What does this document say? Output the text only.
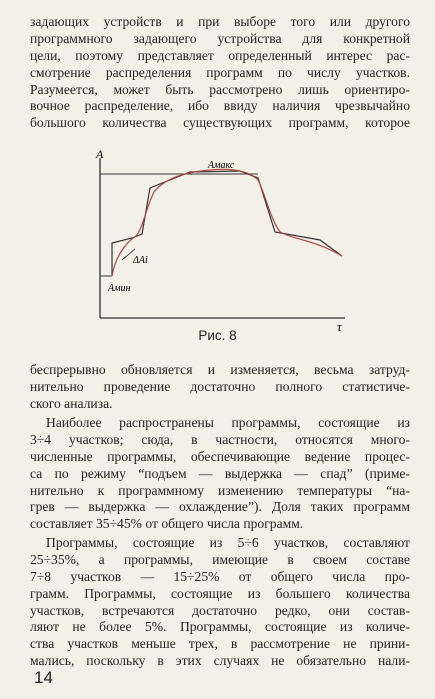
задающих устройств и при выборе того или другого
программного задающего устройства для конкретной
цели, поэтому представляет определенный интерес рас-
смотрение распределения программ по числу участков.
Разумеется, может быть рассмотрено лишь ориентиро-
вочное распределение, ибо ввиду наличия чрезвычайно
большого количества существующих программ, которое
A
τ
Aмакс
Aмин
ΔAi
Рис. 8
беспрерывно обновляется и изменяется, весьма затруд-
нительно проведение достаточно полного статистиче-
ского анализа.
Наиболее распространены программы, состоящие из
3÷4 участков; сюда, в частности, относятся много-
численные программы, обеспечивающие ведение процес-
са по режиму “подъем — выдержка — спад” (приме-
нительно к программному изменению температуры “на-
грев — выдержка — охлаждение”). Доля таких программ
составляет 35÷45% от общего числа программ.
Программы, состоящие из 5÷6 участков, составляют
25÷35%, а программы, имеющие в своем составе
7÷8 участков — 15÷25% от общего числа про-
грамм. Программы, состоящие из большего количества
участков, встречаются достаточно редко, они состав-
ляют не более 5%. Программы, состоящие из количе-
ства участков меньше трех, в рассмотрение не прини-
мались, поскольку в этих случаях не обязательно нали-
14
